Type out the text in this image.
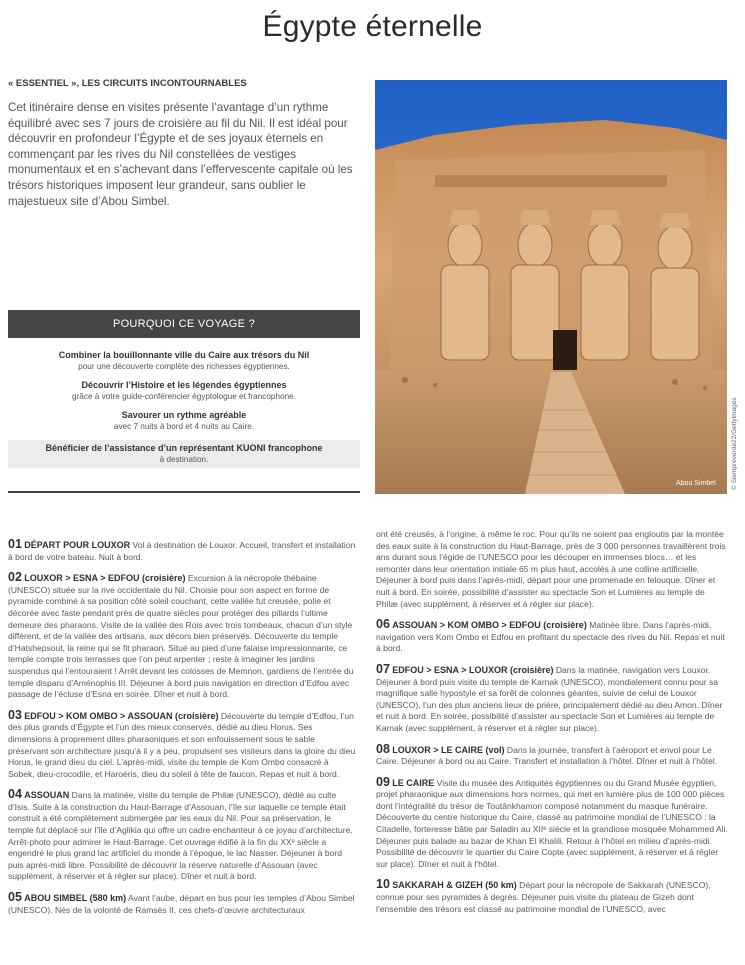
Égypte éternelle
« ESSENTIEL », LES CIRCUITS INCONTOURNABLES

Cet itinéraire dense en visites présente l’avantage d’un rythme équilibré avec ses 7 jours de croisière au fil du Nil. Il est idéal pour découvrir en profondeur l’Égypte et de ses joyaux éternels en commençant par les rives du Nil constellées de vestiges monumentaux et en s’achevant dans l’effervescente capitale où les trésors historiques imposent leur grandeur, sans oublier le majestueux site d’Abou Simbel.

Abou Simbel © Siempreverde22/Gettyimages
POURQUOI CE VOYAGE ?
Combiner la bouillonnante ville du Caire aux trésors du Nil
pour une découverte complète des richesses égyptiennes.
Découvrir l’Histoire et les légendes égyptiennes
grâce à votre guide-conférencier égyptologue et francophone.
Savourer un rythme agréable
avec 7 nuits à bord et 4 nuits au Caire.
Bénéficier de l’assistance d’un représentant KUONI francophone
à destination.

01 DÉPART POUR LOUXOR Vol à destination de Louxor. Accueil, transfert et installation à bord de votre bateau. Nuit à bord.

02 LOUXOR > ESNA > EDFOU (croisière) Excursion à la nécropole thébaine (UNESCO) située sur la rive occidentale du Nil. Choisie pour son aspect en forme de pyramide combiné à sa position côté soleil couchant, cette vallée fut creusée, polie et décorée avec faste pendant près de quatre siècles pour protéger des pillards l’ultime demeure des pharaons. Visite de la vallée des Rois avec trois tombeaux, chacun d’un style différent, et de la vallée des artisans, aux décors bien préservés. Découverte du temple d’Hatshepsout, la reine qui se fit pharaon. Situé au pied d’une falaise impressionnante, ce temple compte trois terrasses que l’on peut arpenter ; reste à imaginer les jardins suspendus qui l’entouraient ! Arrêt devant les colosses de Memnon, gardiens de l’entrée du temple disparu d’Aménophis III. Déjeuner à bord puis navigation en direction d’Edfou avec passage de l’écluse d’Esna en soirée. Dîner et nuit à bord.

03 EDFOU > KOM OMBO > ASSOUAN (croisière) Découverte du temple d’Edfou, l’un des plus grands d’Égypte et l’un des mieux conservés, dédié au dieu Horus. Ses dimensions à proprement dites pharaoniques et son enfouissement sous le sable préservant son architecture jusqu’à il y a peu, propulsent ses visiteurs dans la gloire du dieu Horus, le grand dieu du ciel. L’après-midi, visite du temple de Kom Ombo consacré à Sobek, dieu-crocodile, et Haroéris, dieu du soleil à tête de faucon. Repas et nuit à bord.

04 ASSOUAN Dans la matinée, visite du temple de Philæ (UNESCO), dédié au culte d’Isis. Suite à la construction du Haut-Barrage d’Assouan, l’île sur laquelle ce temple était construit a été complètement submergée par les eaux du Nil. Pour sa préservation, le temple fut déplacé sur l’île d’Aglikia qui offre un cadre enchanteur à ce joyau d’architecture. Arrêt-photo pour admirer le Haut-Barrage. Cet ouvrage édifié à la fin du XXᵉ siècle a engendré le plus grand lac artificiel du monde à l’époque, le lac Nasser. Déjeuner à bord puis après-midi libre. Possibilité de découvrir la réserve naturelle d’Assouan (avec supplément, à réserver et à régler sur place). Dîner et nuit à bord.

05 ABOU SIMBEL (580 km) Avant l’aube, départ en bus pour les temples d’Abou Simbel (UNESCO). Nés de la volonté de Ramsès II, ces chefs-d’œuvre architecturaux

ont été creusés, à l’origine, à même le roc. Pour qu’ils ne soient pas engloutis par la montée des eaux suite à la construction du Haut-Barrage, près de 3 000 personnes travaillèrent trois ans durant sous l’égide de l’UNESCO pour les découper en immenses blocs… et les remonter dans leur orientation initiale 65 m plus haut, accolés à une colline artificielle. Déjeuner à bord puis dans l’après-midi, départ pour une promenade en felouque. Dîner et nuit à bord. En soirée, possibilité d’assister au spectacle Son et Lumières au temple de Philæ (avec supplément, à réserver et à régler sur place).

06 ASSOUAN > KOM OMBO > EDFOU (croisière) Matinée libre. Dans l’après-midi, navigation vers Kom Ombo et Edfou en profitant du spectacle des rives du Nil. Repas et nuit à bord.

07 EDFOU > ESNA > LOUXOR (croisière) Dans la matinée, navigation vers Louxor. Déjeuner à bord puis visite du temple de Karnak (UNESCO), mondialement connu pour sa magnifique salle hypostyle et sa forêt de colonnes géantes, suivie de celui de Louxor (UNESCO), l’un des plus anciens lieux de prière, principalement dédié au dieu Amon. Dîner et nuit à bord. En soirée, possibilité d’assister au spectacle Son et Lumières au temple de Karnak (avec supplément, à réserver et à régler sur place).

08 LOUXOR > LE CAIRE (vol) Dans la journée, transfert à l’aéroport et envol pour Le Caire. Déjeuner à bord ou au Caire. Transfert et installation à l’hôtel. Dîner et nuit à l’hôtel.

09 LE CAIRE Visite du musée des Antiquités égyptiennes ou du Grand Musée égyptien, projet pharaonique aux dimensions hors normes, qui met en lumière plus de 100 000 pièces dont l’intégralité du trésor de Toutânkhamon composé notamment du masque funéraire. Découverte du centre historique du Caire, classé au patrimoine mondial de l’UNESCO : la Citadelle, forteresse bâtie par Saladin au XIIᵉ siècle et la grandiose mosquée Mohammed Ali. Déjeuner puis balade au bazar de Khan El Khalili. Retour à l’hôtel en milieu d’après-midi. Possibilité de découvrir le quartier du Caire Copte (avec supplément, à réserver et à régler sur place). Dîner et nuit à l’hôtel.

10 SAKKARAH & GIZEH (50 km) Départ pour la nécropole de Sakkarah (UNESCO), connue pour ses pyramides à degrés. Déjeuner puis visite du plateau de Gizeh dont l’ensemble des trésors est classé au patrimoine mondial de l’UNESCO, avec
